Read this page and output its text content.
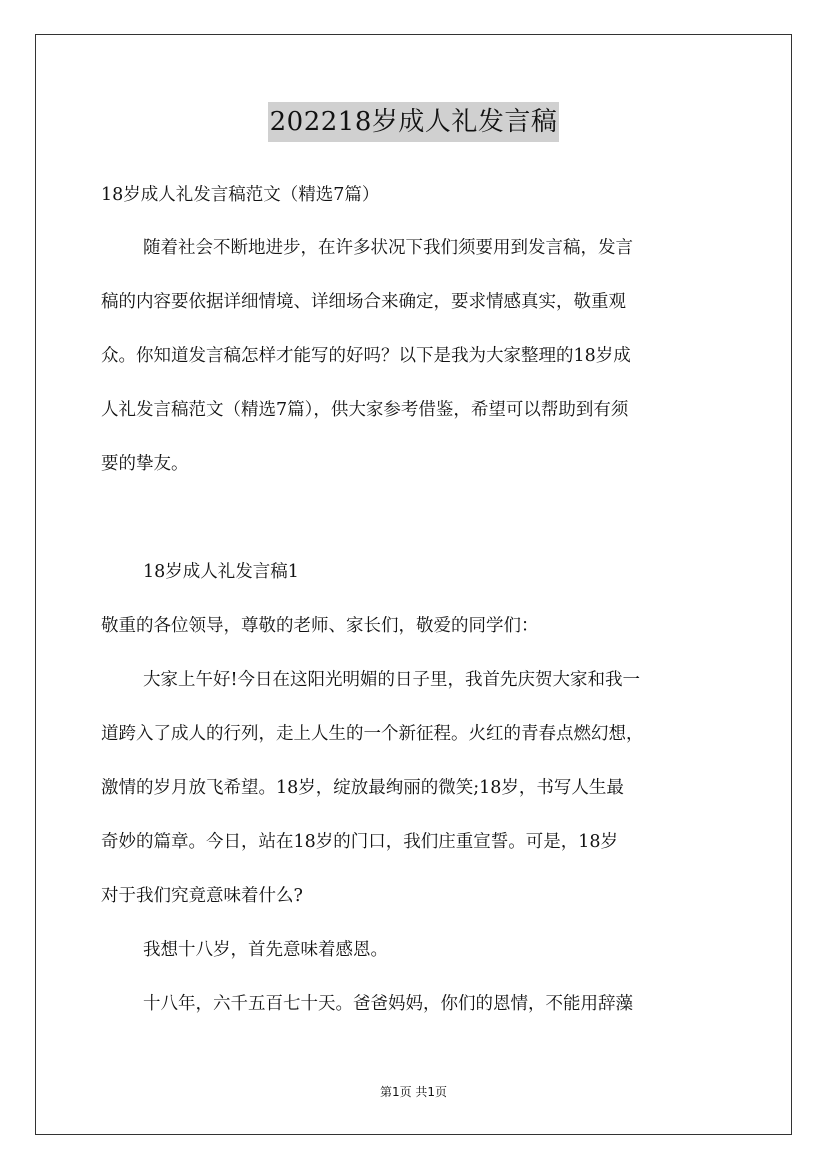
202218岁成人礼发言稿
18岁成人礼发言稿范文（精选7篇）
随着社会不断地进步，在许多状况下我们须要用到发言稿，发言
稿的内容要依据详细情境、详细场合来确定，要求情感真实，敬重观
众。你知道发言稿怎样才能写的好吗？以下是我为大家整理的18岁成
人礼发言稿范文（精选7篇），供大家参考借鉴，希望可以帮助到有须
要的挚友。
18岁成人礼发言稿1
敬重的各位领导，尊敬的老师、家长们，敬爱的同学们：
大家上午好!今日在这阳光明媚的日子里，我首先庆贺大家和我一
道跨入了成人的行列，走上人生的一个新征程。火红的青春点燃幻想，
激情的岁月放飞希望。18岁，绽放最绚丽的微笑;18岁，书写人生最
奇妙的篇章。今日，站在18岁的门口，我们庄重宣誓。可是，18岁
对于我们究竟意味着什么?
我想十八岁，首先意味着感恩。
十八年，六千五百七十天。爸爸妈妈，你们的恩情，不能用辞藻
第1页 共1页
